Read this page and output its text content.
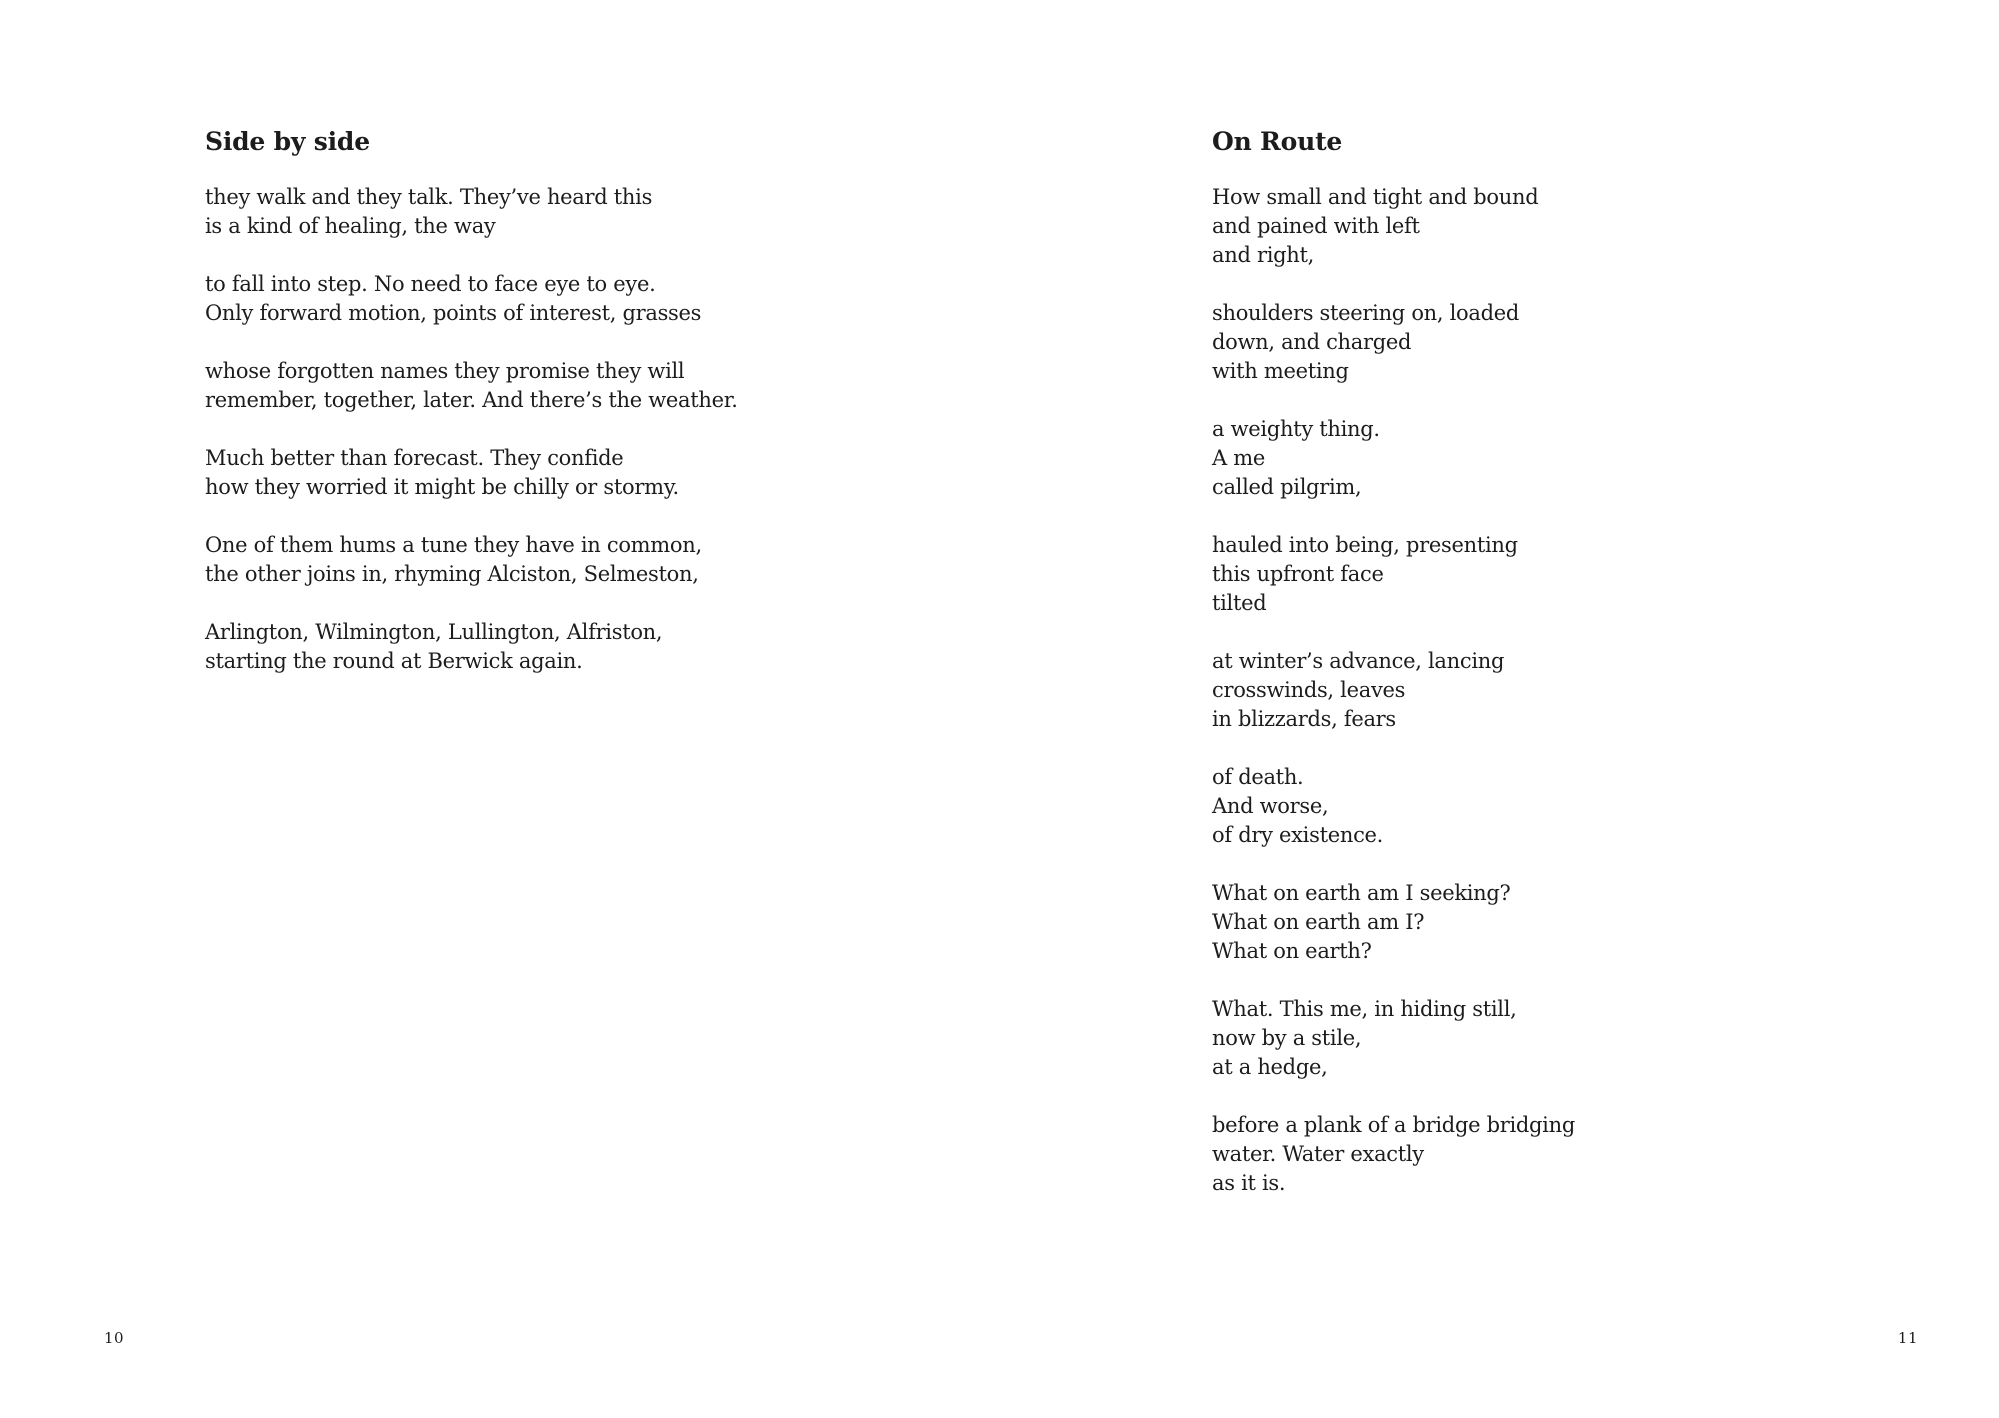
Side by side
they walk and they talk. They’ve heard this
is a kind of healing, the way
to fall into step. No need to face eye to eye.
Only forward motion, points of interest, grasses
whose forgotten names they promise they will
remember, together, later. And there’s the weather.
Much better than forecast. They confide
how they worried it might be chilly or stormy.
One of them hums a tune they have in common,
the other joins in, rhyming Alciston, Selmeston,
Arlington, Wilmington, Lullington, Alfriston,
starting the round at Berwick again.
10
On Route
How small and tight and bound
and pained with left
and right,
shoulders steering on, loaded
down, and charged
with meeting
a weighty thing.
A me
called pilgrim,
hauled into being, presenting
this upfront face
tilted
at winter’s advance, lancing
crosswinds, leaves
in blizzards, fears
of death.
And worse,
of dry existence.
What on earth am I seeking?
What on earth am I?
What on earth?
What. This me, in hiding still,
now by a stile,
at a hedge,
before a plank of a bridge bridging
water. Water exactly
as it is.
11
